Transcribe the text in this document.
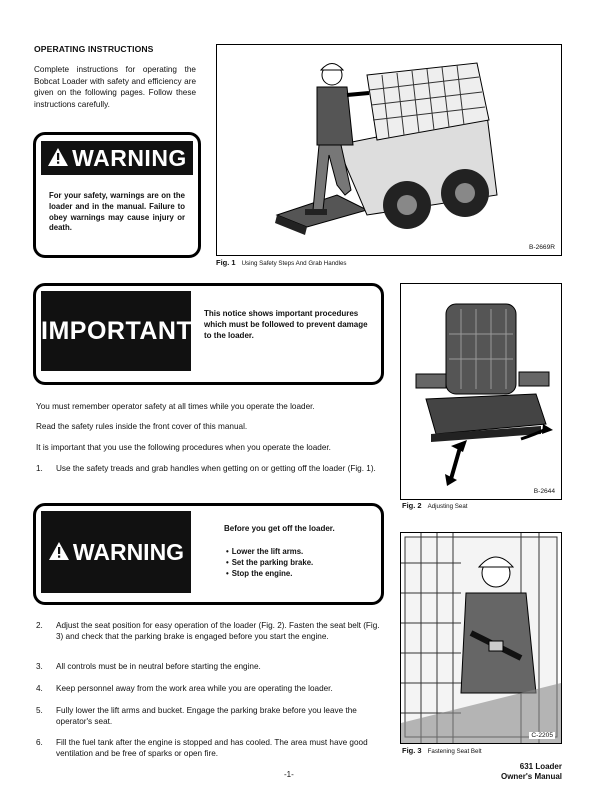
OPERATING INSTRUCTIONS
Complete instructions for operating the Bobcat Loader with safety and efficiency are given on the following pages. Follow these instructions carefully.
WARNING
For your safety, warnings are on the loader and in the manual. Failure to obey warnings may cause injury or death.
B-2669R
Fig. 1 Using Safety Steps And Grab Handles
IMPORTANT
This notice shows important procedures which must be followed to prevent damage to the loader.
B-2644
Fig. 2 Adjusting Seat
You must remember operator safety at all times while you operate the loader.
Read the safety rules inside the front cover of this manual.
It is important that you use the following procedures when you operate the loader.
1. Use the safety treads and grab handles when getting on or getting off the loader (Fig. 1).
WARNING
Before you get off the loader.
• Lower the lift arms.
• Set the parking brake.
• Stop the engine.
C-2205
Fig. 3 Fastening Seat Belt
2. Adjust the seat position for easy operation of the loader (Fig. 2). Fasten the seat belt (Fig. 3) and check that the parking brake is engaged before you start the engine.
3. All controls must be in neutral before starting the engine.
4. Keep personnel away from the work area while you are operating the loader.
5. Fully lower the lift arms and bucket. Engage the parking brake before you leave the operator's seat.
6. Fill the fuel tank after the engine is stopped and has cooled. The area must have good ventilation and be free of sparks or open fire.
-1-
631 Loader
Owner's Manual
